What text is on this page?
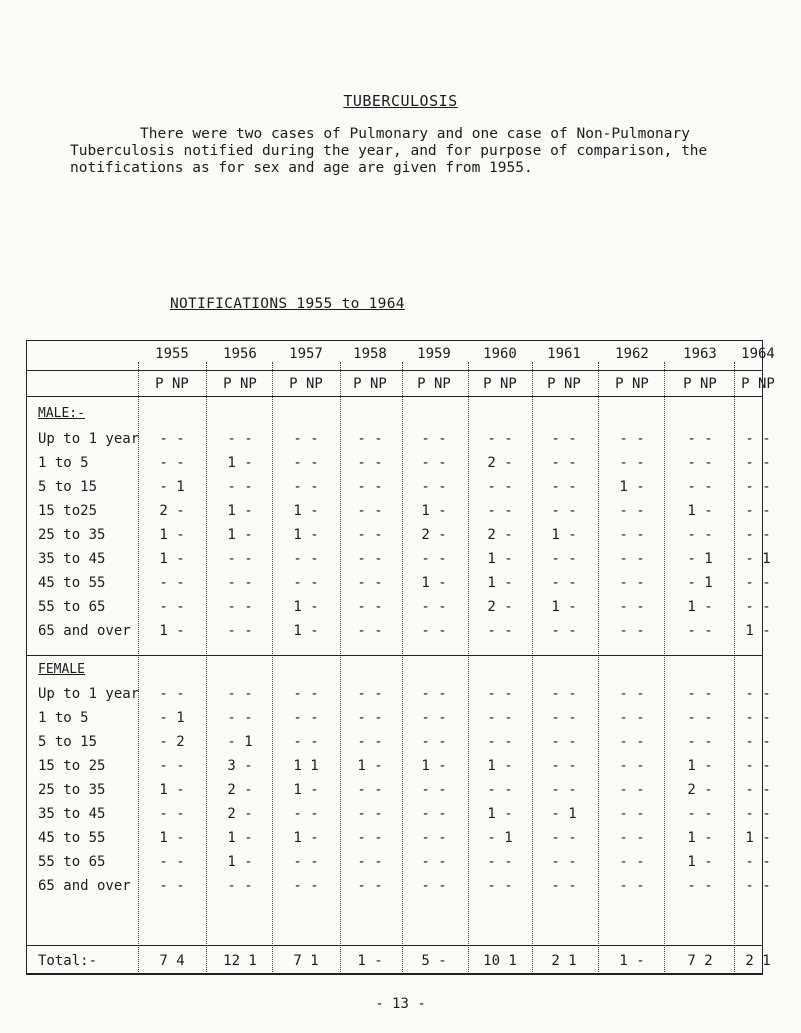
TUBERCULOSIS

There were two cases of Pulmonary and one case of Non-Pulmonary

Tuberculosis notified during the year, and for purpose of comparison, the

notifications as for sex and age are given from 1955.

NOTIFICATIONS 1955 to 1964
1955	1956	1957	1958	1959	1960	1961	1962	1963	1964
P NP	P NP	P NP	P NP	P NP	P NP	P NP	P NP	P NP	P NP
MALE:-
FEMALE
Up to 1 year	- -	- -	- -	- -	- -	- -	- -	- -	- -	- -
1 to 5	- -	1 -	- -	- -	- -	2 -	- -	- -	- -	- -
5 to 15	- 1	- -	- -	- -	- -	- -	- -	1 -	- -	- -
15 to25	2 -	1 -	1 -	- -	1 -	- -	- -	- -	1 -	- -
25 to 35	1 -	1 -	1 -	- -	2 -	2 -	1 -	- -	- -	- -
35 to 45	1 -	- -	- -	- -	- -	1 -	- -	- -	- 1	- 1
45 to 55	- -	- -	- -	- -	1 -	1 -	- -	- -	- 1	- -
55 to 65	- -	- -	1 -	- -	- -	2 -	1 -	- -	1 -	- -
65 and over	1 -	- -	1 -	- -	- -	- -	- -	- -	- -	1 -
Up to 1 year	- -	- -	- -	- -	- -	- -	- -	- -	- -	- -
1 to 5	- 1	- -	- -	- -	- -	- -	- -	- -	- -	- -
5 to 15	- 2	- 1	- -	- -	- -	- -	- -	- -	- -	- -
15 to 25	- -	3 -	1 1	1 -	1 -	1 -	- -	- -	1 -	- -
25 to 35	1 -	2 -	1 -	- -	- -	- -	- -	- -	2 -	- -
35 to 45	- -	2 -	- -	- -	- -	1 -	- 1	- -	- -	- -
45 to 55	1 -	1 -	1 -	- -	- -	- 1	- -	- -	1 -	1 -
55 to 65	- -	1 -	- -	- -	- -	- -	- -	- -	1 -	- -
65 and over	- -	- -	- -	- -	- -	- -	- -	- -	- -	- -
Total:-	7 4	12 1	7 1	1 -	5 -	10 1	2 1	1 -	7 2	2 1
- 13 -
